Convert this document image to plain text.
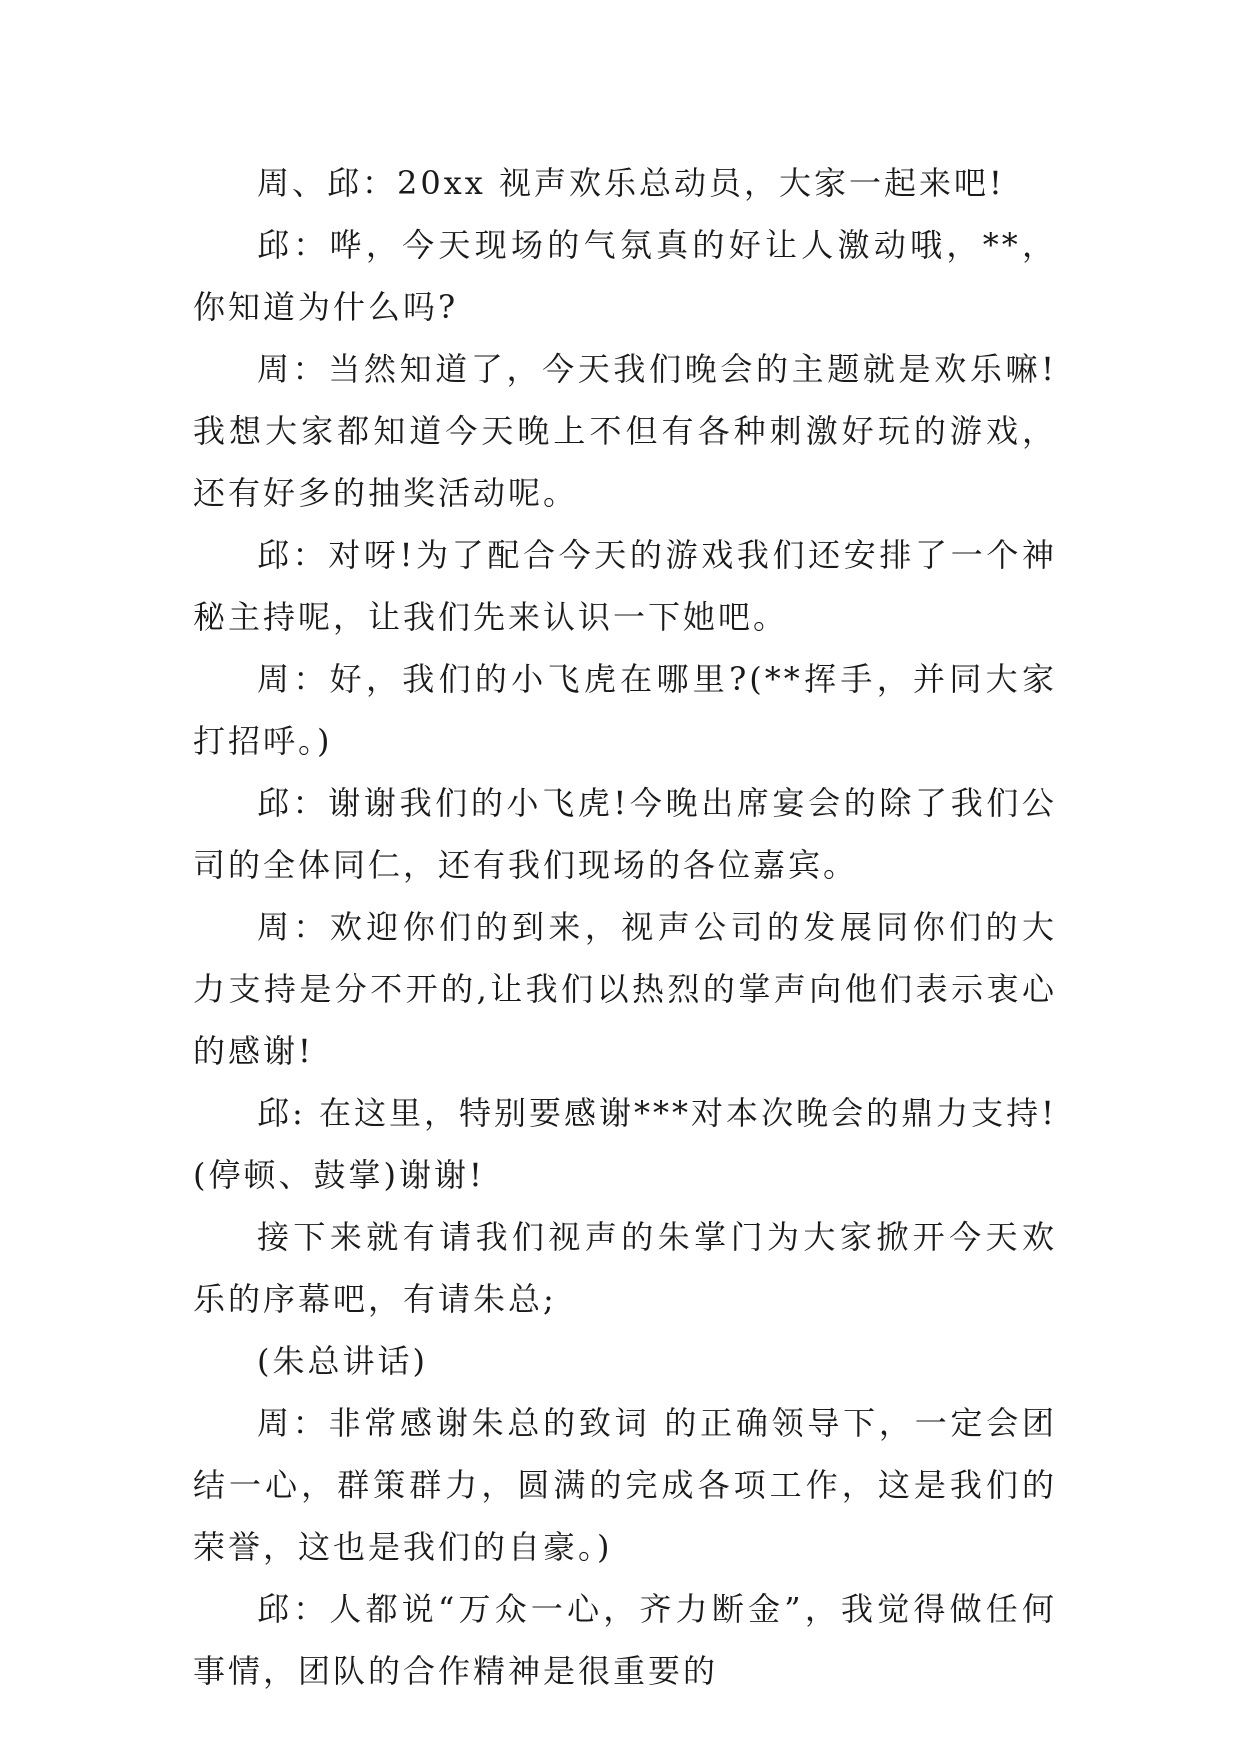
周、邱：20xx 视声欢乐总动员，大家一起来吧!

邱：哗，今天现场的气氛真的好让人激动哦，**，你知道为什么吗?

周：当然知道了，今天我们晚会的主题就是欢乐嘛!我想大家都知道今天晚上不但有各种刺激好玩的游戏，还有好多的抽奖活动呢。

邱：对呀!为了配合今天的游戏我们还安排了一个神秘主持呢，让我们先来认识一下她吧。

周：好，我们的小飞虎在哪里?(**挥手，并同大家打招呼。)

邱：谢谢我们的小飞虎!今晚出席宴会的除了我们公司的全体同仁，还有我们现场的各位嘉宾。

周：欢迎你们的到来，视声公司的发展同你们的大力支持是分不开的,让我们以热烈的掌声向他们表示衷心的感谢!

邱: 在这里，特别要感谢***对本次晚会的鼎力支持!(停顿、鼓掌)谢谢!

接下来就有请我们视声的朱掌门为大家掀开今天欢乐的序幕吧，有请朱总;

(朱总讲话)

周：非常感谢朱总的致词 的正确领导下，一定会团结一心，群策群力，圆满的完成各项工作，这是我们的荣誉，这也是我们的自豪。)

邱：人都说“万众一心，齐力断金”，我觉得做任何事情，团队的合作精神是很重要的
